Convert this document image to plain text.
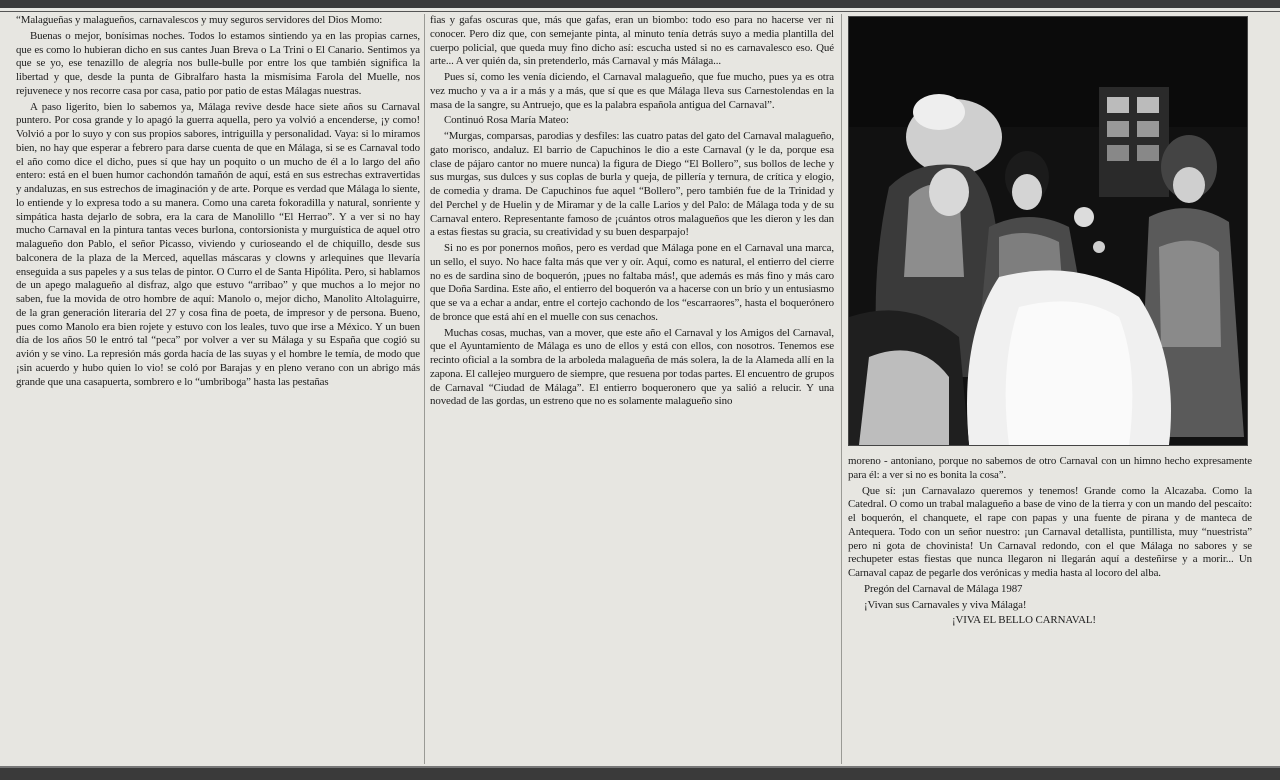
“Malagueñas y malagueños, carnavalescos y muy seguros servidores del Dios Momo:

Buenas o mejor, bonísimas noches. Todos lo estamos sintiendo ya en las propias carnes, que es como lo hubieran dicho en sus cantes Juan Breva o La Trini o El Canario. Sentimos ya que se yo, ese tenazillo de alegría nos bulle-bulle por entre los que también significa la libertad y que, desde la punta de Gibralfaro hasta la mismísima Farola del Muelle, nos rejuvenece y nos recorre casa por casa, patio por patio de estas Málagas nuestras.

A paso ligerito, bien lo sabemos ya, Málaga revive desde hace siete años su Carnaval puntero. Por cosa grande y lo apagó la guerra aquella, pero ya volvió a encenderse, ¡y como! Volvió a por lo suyo y con sus propios sabores, intriguilla y personalidad. Vaya: si lo miramos bien, no hay que esperar a febrero para darse cuenta de que en Málaga, si se es Carnaval todo el año como dice el dicho, pues sí que hay un poquito o un mucho de él a lo largo del año entero: está en el buen humor cachondón tamañón de aquí, está en sus estrechas extravertidas y andaluzas, en sus estrechos de imaginación y de arte. Porque es verdad que Málaga lo siente, lo entiende y lo expresa todo a su manera. Como una careta fokoradilla y natural, sonriente y simpática hasta dejarlo de sobra, era la cara de Manolillo “El Herrao”. Y a ver si no hay mucho Carnaval en la pintura tantas veces burlona, contorsionista y murguística de aquel otro malagueño don Pablo, el señor Picasso, viviendo y curioseando el de chiquillo, desde sus balconera de la plaza de la Merced, aquellas máscaras y clowns y arlequines que llevaría enseguida a sus papeles y a sus telas de pintor. O Curro el de Santa Hipólita. Pero, si hablamos de un apego malagueño al disfraz, algo que estuvo “arribao” y que muchos a lo mejor no saben, fue la movida de otro hombre de aquí: Manolo o, mejor dicho, Manolito Altolaguirre, de la gran generación literaria del 27 y cosa fina de poeta, de impresor y de persona. Bueno, pues como Manolo era bien rojete y estuvo con los leales, tuvo que irse a México. Y un buen día de los años 50 le entró tal “peca” por volver a ver su Málaga y su España que cogió su avión y se vino. La represión más gorda hacía de las suyas y el hombre le temía, de modo que ¡sin acuerdo y hubo quien lo vio! se coló por Barajas y en pleno verano con un abrigo más grande que una casapuerta, sombrero e lo “umbriboga” hasta las pestañas

fias y gafas oscuras que, más que gafas, eran un biombo: todo eso para no hacerse ver ni conocer. Pero diz que, con semejante pinta, al minuto tenía detrás suyo a media plantilla del cuerpo policial, que queda muy fino dicho así: escucha usted si no es carnavalesco eso. Qué arte... A ver quién da, sin pretenderlo, más Carnaval y más Málaga...

Pues sí, como les venía diciendo, el Carnaval malagueño, que fue mucho, pues ya es otra vez mucho y va a ir a más y a más, que sí que es que Málaga lleva sus Carnestolendas en la masa de la sangre, su Antruejo, que es la palabra española antigua del Carnaval”.

Continuó Rosa María Mateo:

“Murgas, comparsas, parodias y desfiles: las cuatro patas del gato del Carnaval malagueño, gato morisco, andaluz. El barrio de Capuchinos le dio a este Carnaval (y le da, porque esa clase de pájaro cantor no muere nunca) la figura de Diego “El Bollero”, sus bollos de leche y sus murgas, sus dulces y sus coplas de burla y queja, de pillería y ternura, de crítica y elogio, de comedia y drama. De Capuchinos fue aquel “Bollero”, pero también fue de la Trinidad y del Perchel y de Huelin y de Miramar y de la calle Larios y del Palo: de Málaga toda y de su Carnaval entero. Representante famoso de ¡cuántos otros malagueños que les dieron y les dan a estas fiestas su gracia, su creatividad y su buen desparpajo!

Si no es por ponernos moños, pero es verdad que Málaga pone en el Carnaval una marca, un sello, el suyo. No hace falta más que ver y oír. Aquí, como es natural, el entierro del cierre no es de sardina sino de boquerón, ¡pues no faltaba más!, que además es más fino y más caro que Doña Sardina. Este año, el entierro del boquerón va a hacerse con un brío y un entusiasmo que se va a echar a andar, entre el cortejo cachondo de los “escarraores”, hasta el boquerónero de bronce que está ahí en el muelle con sus cenachos.

Muchas cosas, muchas, van a mover, que este año el Carnaval y los Amigos del Carnaval, que el Ayuntamiento de Málaga es uno de ellos y está con ellos, con nosotros. Tenemos ese recinto oficial a la sombra de la arboleda malagueña de más solera, la de la Alameda allí en la zapona. El callejeo murguero de siempre, que resuena por todas partes. El encuentro de grupos de Carnaval “Ciudad de Málaga”. El entierro boqueronero que ya salió a relucir. Y una novedad de las gordas, un estreno que no es solamente malagueño sino

moreno - antoniano, porque no sabemos de otro Carnaval con un himno hecho expresamente para él: a ver si no es bonita la cosa”.

Que sí: ¡un Carnavalazo queremos y tenemos! Grande como la Alcazaba. Como la Catedral. O como un trabal malagueño a base de vino de la tierra y con un mando del pescaíto: el boquerón, el chanquete, el rape con papas y una fuente de pirana y de manteca de Antequera. Todo con un señor nuestro: ¡un Carnaval detallista, puntillista, muy “nuestrista” pero ni gota de chovinista! Un Carnaval redondo, con el que Málaga no sabores y se rechupeter estas fiestas que nunca llegaron ni llegarán aquí a desteñirse y a morir... Un Carnaval capaz de pegarle dos verónicas y media hasta al locoro del alba.

Pregón del Carnaval de Málaga 1987

¡Vivan sus Carnavales y viva Málaga!

¡VIVA EL BELLO CARNAVAL!
